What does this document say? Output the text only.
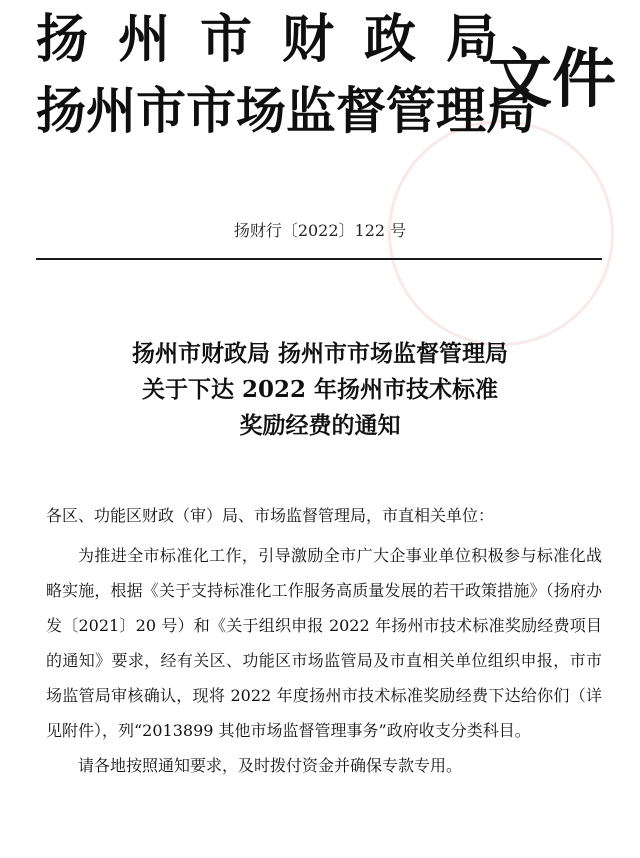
扬州市财政局
扬州市市场监督管理局
文件
扬财行〔2022〕122 号
扬州市财政局 扬州市市场监督管理局
关于下达 2022 年扬州市技术标准
奖励经费的通知
各区、功能区财政（审）局、市场监督管理局，市直相关单位：

为推进全市标准化工作，引导激励全市广大企事业单位积极参与标准化战略实施，根据《关于支持标准化工作服务高质量发展的若干政策措施》（扬府办发〔2021〕20 号）和《关于组织申报 2022 年扬州市技术标准奖励经费项目的通知》要求，经有关区、功能区市场监管局及市直相关单位组织申报，市市场监管局审核确认，现将 2022 年度扬州市技术标准奖励经费下达给你们（详见附件），列“2013899 其他市场监督管理事务”政府收支分类科目。

请各地按照通知要求，及时拨付资金并确保专款专用。
